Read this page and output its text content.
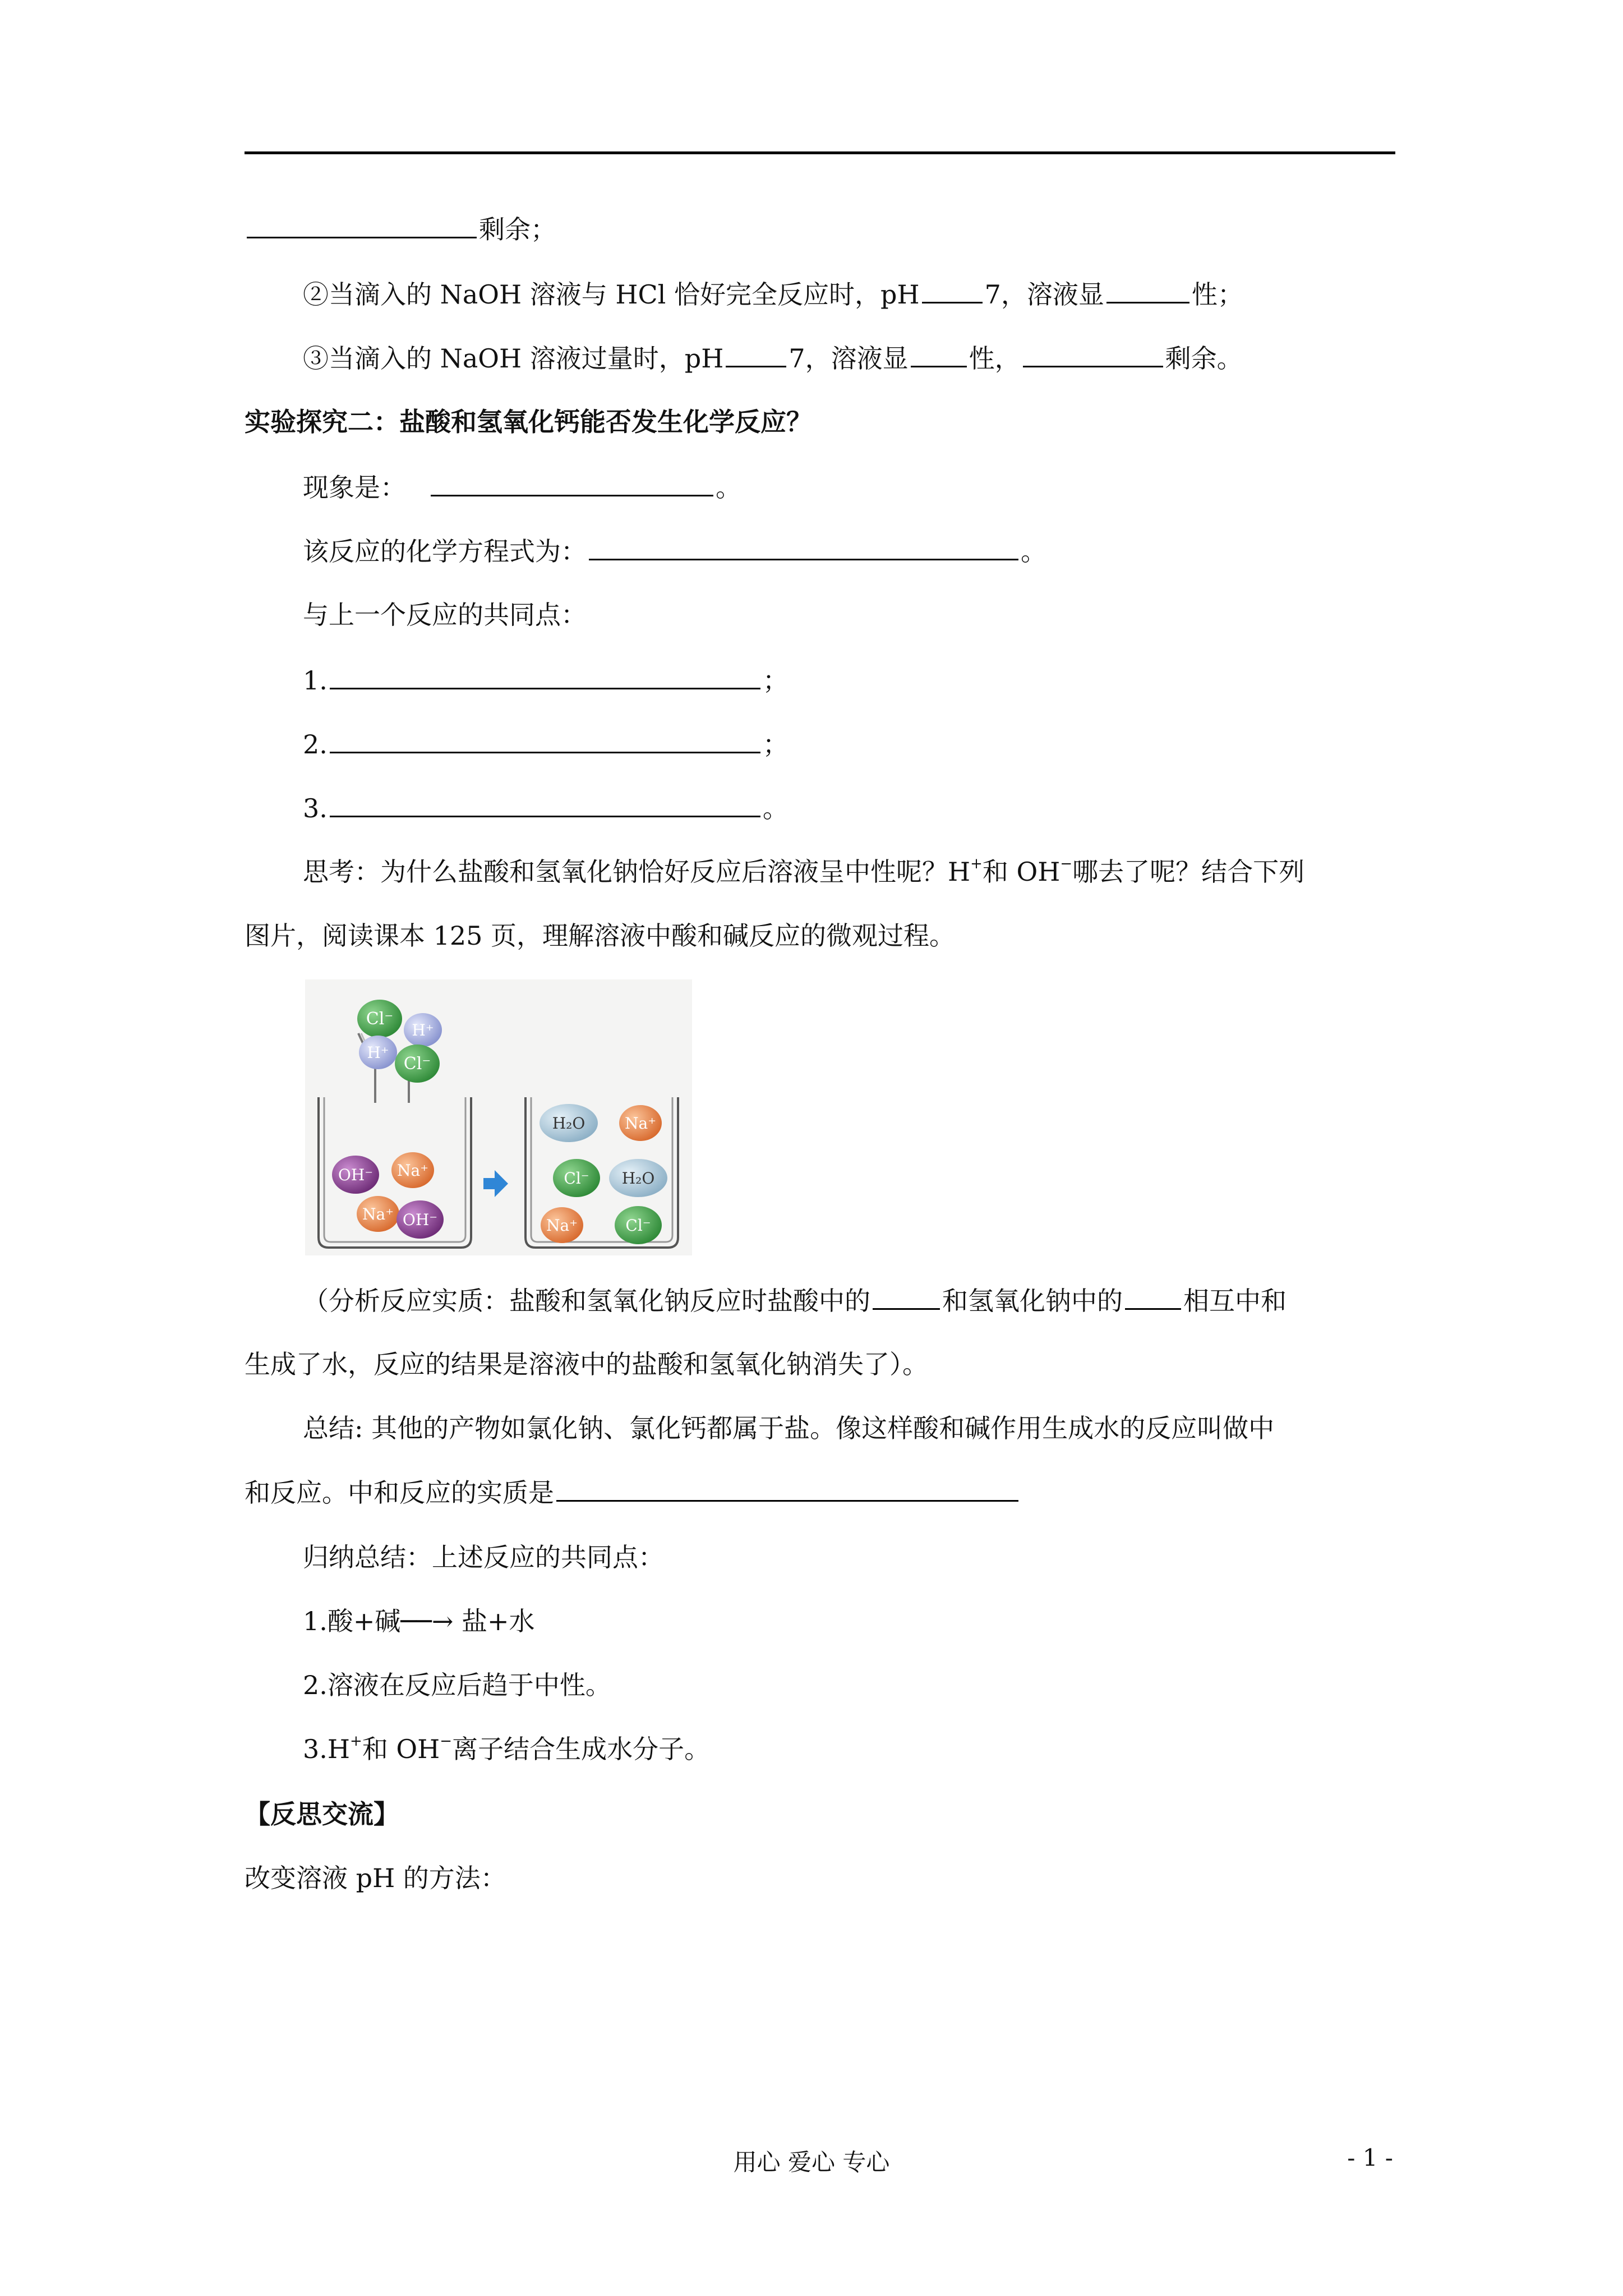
剩余；
②当滴入的 NaOH 溶液与 HCl 恰好完全反应时，pH	7，溶液显	性；
③当滴入的 NaOH 溶液过量时，pH	7，溶液显 性，	剩余。
实验探究二：盐酸和氢氧化钙能否发生化学反应？
现象是：	。
该反应的化学方程式为：	。
与上一个反应的共同点：
1.	；
2.	；
3.	。
思考：为什么盐酸和氢氧化钠恰好反应后溶液呈中性呢？H+和 OH−哪去了呢？结合下列
图片，阅读课本 125 页，理解溶液中酸和碱反应的微观过程。
Cl⁻
H⁺
H⁺
Cl⁻
OH⁻ Na⁺
Na⁺ OH⁻
H₂O	Na⁺
Cl⁻ H₂O
Na⁺	Cl⁻
（分析反应实质：盐酸和氢氧化钠反应时盐酸中的	和氢氧化钠中的 相互中和
生成了水，反应的结果是溶液中的盐酸和氢氧化钠消失了）。
总结: 其他的产物如氯化钠、氯化钙都属于盐。像这样酸和碱作用生成水的反应叫做中
和反应。中和反应的实质是
归纳总结：上述反应的共同点：
1.酸+碱──→ 盐+水
2.溶液在反应后趋于中性。
3.H+和 OH−离子结合生成水分子。
【反思交流】
改变溶液 pH 的方法：
用心 爱心 专心	- 1 -
